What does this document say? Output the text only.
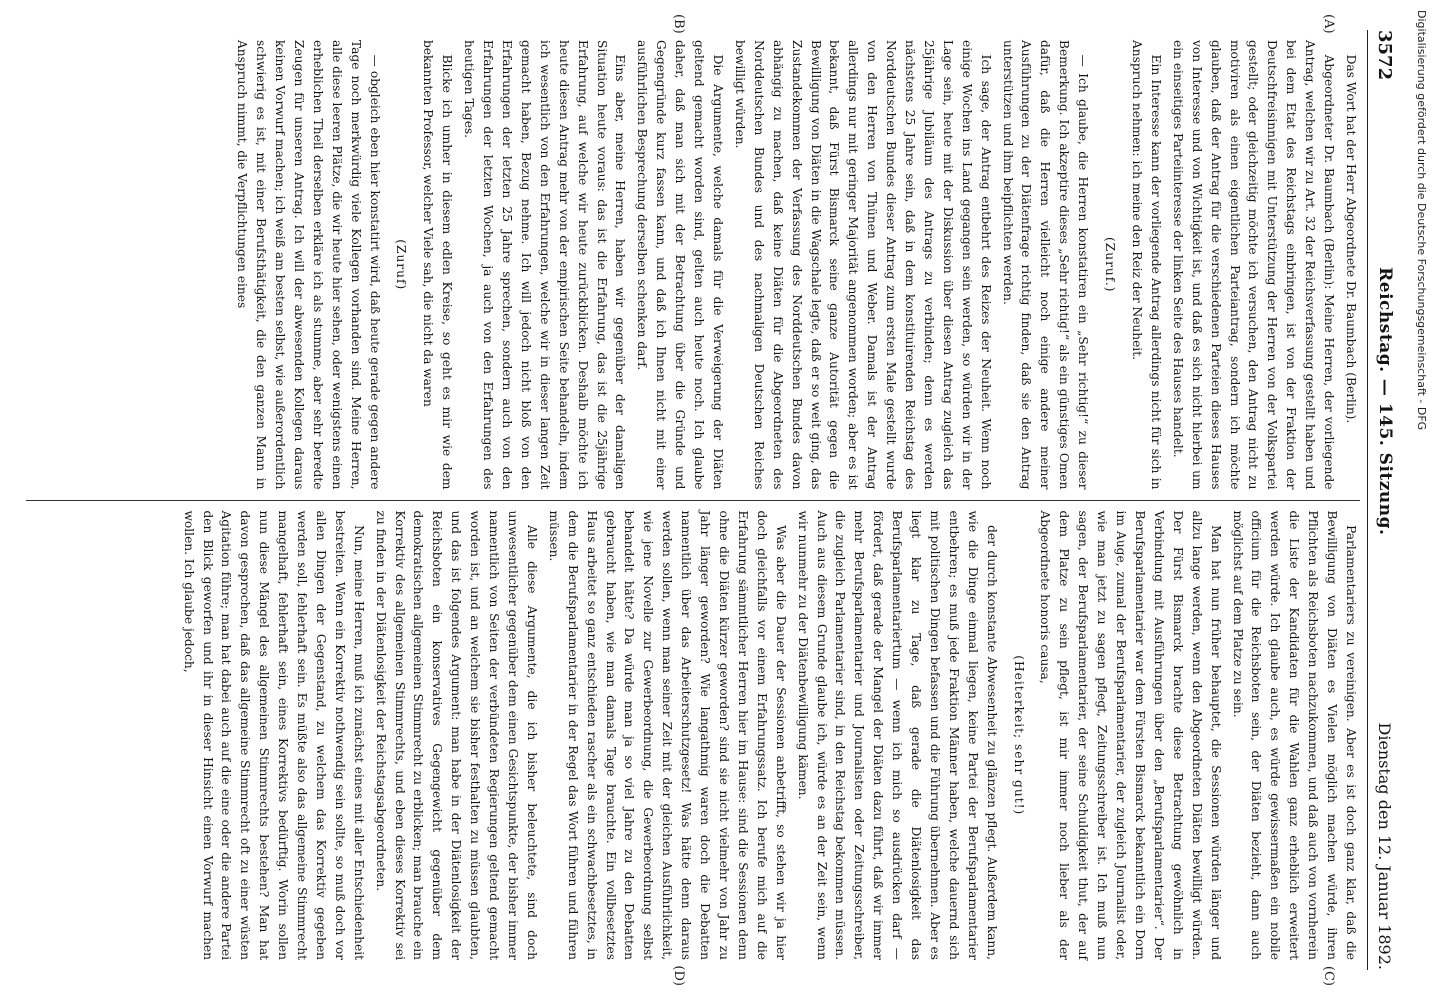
3572
Reichstag. — 145. Sitzung.
Dienstag den 12. Januar 1892.
(A)
(B)
(C)
(D)

Das Wort hat der Herr Abgeordnete Dr. Baumbach (Berlin).

Abgeordneter Dr. Baumbach (Berlin): Meine Herren, der vorliegende Antrag, welchen wir zu Art. 32 der Reichsverfassung gestellt haben und bei dem Etat des Reichstags einbringen, ist von der Fraktion der Deutschfreisinnigen mit Unterstützung der Herren von der Volkspartei gestellt; oder gleichzeitig möchte ich versuchen, den Antrag nicht zu motiviren als einen eigentlichen Parteiantrag, sondern ich möchte glauben, daß der Antrag für die verschiedenen Parteien dieses Hauses von Interesse und von Wichtigkeit ist, und daß es sich nicht hierbei um ein einseitiges Parteiinteresse der linken Seite des Hauses handelt.

Ein Interesse kann der vorliegende Antrag allerdings nicht für sich in Anspruch nehmen: ich meine den Reiz der Neuheit.

(Zuruf.)

— Ich glaube, die Herren konstatiren ein „Sehr richtig!“ zu dieser Bemerkung. Ich akzeptire dieses „Sehr richtig!“ als ein günstiges Omen dafür, daß die Herren vielleicht noch einige andere meiner Ausführungen zu der Diätenfrage richtig finden, daß sie den Antrag unterstützen und ihm beipflichten werden.

Ich sage, der Antrag entbehrt des Reizes der Neuheit. Wenn noch einige Wochen ins Land gegangen sein werden, so würden wir in der Lage sein, heute mit der Diskussion über diesen Antrag zugleich das 25jährige Jubiläum des Antrags zu verbinden; denn es werden nächstens 25 Jahre sein, daß in dem konstituirenden Reichstag des Norddeutschen Bundes dieser Antrag zum ersten Male gestellt wurde von den Herren von Thünen und Weber. Damals ist der Antrag allerdings nur mit geringer Majorität angenommen worden; aber es ist bekannt, daß Fürst Bismarck seine ganze Autorität gegen die Bewilligung von Diäten in die Wagschale legte, daß er so weit ging, das Zustandekommen der Verfassung des Norddeutschen Bundes davon abhängig zu machen, daß keine Diäten für die Abgeordneten des Norddeutschen Bundes und des nachmaligen Deutschen Reiches bewilligt würden.

Die Argumente, welche damals für die Verweigerung der Diäten geltend gemacht worden sind, gelten auch heute noch. Ich glaube daher, daß man sich mit der Betrachtung über die Gründe und Gegengründe kurz fassen kann, und daß ich Ihnen nicht mit einer ausführlichen Besprechung derselben schenken darf.

Eins aber, meine Herren, haben wir gegenüber der damaligen Situation heute voraus: das ist die Erfahrung, das ist die 25jährige Erfahrung, auf welche wir heute zurückblicken. Deshalb möchte ich heute diesen Antrag mehr von der empirischen Seite behandeln, indem ich wesentlich von den Erfahrungen, welche wir in dieser langen Zeit gemacht haben, Bezug nehme. Ich will jedoch nicht bloß von den Erfahrungen der letzten 25 Jahre sprechen, sondern auch von den Erfahrungen der letzten Wochen, ja auch von den Erfahrungen des heutigen Tages.

Blicke ich umher in diesem edlen Kreise, so geht es mir wie dem bekannten Professor, welcher Viele sah, die nicht da waren

(Zuruf)

— obgleich eben hier konstatirt wird, daß heute gerade gegen andere Tage noch merkwürdig viele Kollegen vorhanden sind. Meine Herren, alle diese leeren Plätze, die wir heute hier sehen, oder wenigstens einen erheblichen Theil derselben erkläre ich als stumme, aber sehr beredte Zeugen für unseren Antrag. Ich will der abwesenden Kollegen daraus keinen Vorwurf machen; ich weiß am besten selbst, wie außerordentlich schwierig es ist, mit einer Berufsthätigkeit, die den ganzen Mann in Anspruch nimmt, die Verpflichtungen eines

Parlamentariers zu vereinigen. Aber es ist doch ganz klar, daß die Bewilligung von Diäten es Vielen möglich machen würde, ihren Pflichten als Reichsboten nachzukommen, und daß auch von vornherein die Liste der Kandidaten für die Wahlen ganz erheblich erweitert werden würde. Ich glaube auch, es würde gewissermaßen ein nobile officium für die Reichsboten sein, der Diäten bezieht, dann auch möglichst auf dem Platze zu sein.

Man hat nun früher behauptet, die Sessionen würden länger und allzu lange werden, wenn den Abgeordneten Diäten bewilligt würden. Der Fürst Bismarck brachte diese Betrachtung gewöhnlich in Verbindung mit Ausführungen über den „Berufsparlamentarier“. Der Berufsparlamentarier war dem Fürsten Bismarck bekanntlich ein Dorn im Auge, zumal der Berufsparlamentarier, der zugleich Journalist oder, wie man jetzt zu sagen pflegt, Zeitungsschreiber ist. Ich muß nun sagen, der Berufsparlamentarier, der seine Schuldigkeit thut, der auf dem Platze zu sein pflegt, ist mir immer noch lieber als der Abgeordnete honoris causa,

(Heiterkeit; sehr gut!)

der durch konstante Abwesenheit zu glänzen pflegt. Außerdem kann, wie die Dinge einmal liegen, keine Partei der Berufsparlamentarier entbehren; es muß jede Fraktion Männer haben, welche dauernd sich mit politischen Dingen befassen und die Führung übernehmen. Aber es liegt klar zu Tage, daß gerade die Diätenlosigkeit das Berufsparlamentariertum — wenn ich mich so ausdrücken darf — fördert, daß gerade der Mangel der Diäten dazu führt, daß wir immer mehr Berufsparlamentarier und Journalisten oder Zeitungsschreiber, die zugleich Parlamentarier sind, in den Reichstag bekommen müssen. Auch aus diesem Grunde glaube ich, würde es an der Zeit sein, wenn wir nunmehr zu der Diätenbewilligung kämen.

Was aber die Dauer der Sessionen anbetrifft, so stehen wir ja hier doch gleichfalls vor einem Erfahrungssatz. Ich berufe mich auf die Erfahrung sämmtlicher Herren hier im Hause: sind die Sessionen denn ohne die Diäten kürzer geworden? sind sie nicht vielmehr von Jahr zu Jahr länger geworden? Wie langathmig waren doch die Debatten namentlich über das Arbeiterschutzgesetz! Was hätte denn daraus werden sollen, wenn man seiner Zeit mit der gleichen Ausführlichkeit, wie jene Novelle zur Gewerbeordnung, die Gewerbeordnung selbst behandelt hätte? Da würde man ja so viel Jahre zu den Debatten gebraucht haben, wie man damals Tage brauchte. Ein vollbesetztes Haus arbeitet so ganz entschieden rascher als ein schwachbesetztes, in dem die Berufsparlamentarier in der Regel das Wort führen und führen müssen.

Alle diese Argumente, die ich bisher beleuchtete, sind doch unwesentlicher gegenüber dem einen Gesichtspunkte, der bisher immer namentlich von Seiten der verbündeten Regierungen geltend gemacht worden ist, und an welchem sie bisher festhalten zu müssen glaubten, und das ist folgendes Argument: man habe in der Diätenlosigkeit der Reichsboten ein konservatives Gegengewicht gegenüber dem demokratischen allgemeinen Stimmrecht zu erblicken; man brauche ein Korrektiv des allgemeinen Stimmrechts, und eben dieses Korrektiv sei zu finden in der Diätenlosigkeit der Reichstagsabgeordneten.

Nun, meine Herren, muß ich zunächst eines mit aller Entschiedenheit bestreiten. Wenn ein Korrektiv nothwendig sein sollte, so muß doch vor allen Dingen der Gegenstand, zu welchem das Korrektiv gegeben werden soll, fehlerhaft sein. Es müßte also das allgemeine Stimmrecht mangelhaft, fehlerhaft sein, eines Korrektivs bedürftig. Worin sollen nun diese Mängel des allgemeinen Stimmrechts bestehen? Man hat davon gesprochen, daß das allgemeine Stimmrecht oft zu einer wüsten Agitation führe; man hat dabei auch auf die eine oder die andere Partei den Blick geworfen und ihr in dieser Hinsicht einen Vorwurf machen wollen. Ich glaube jedoch,

Digitalisierung gefördert durch die Deutsche Forschungsgemeinschaft - DFG
